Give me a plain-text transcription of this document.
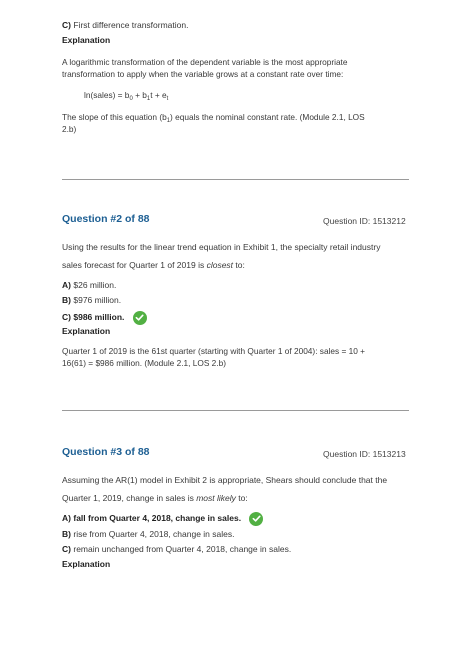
C) First difference transformation.
Explanation
A logarithmic transformation of the dependent variable is the most appropriate
transformation to apply when the variable grows at a constant rate over time:
ln(sales) = $b_0 + b_1t + e_t$
The slope of this equation $(b_1)$ equals the nominal constant rate. (Module 2.1, LOS
2.b)
Question #2 of 88	Question ID: 1513212
Using the results for the linear trend equation in Exhibit 1, the specialty retail industry
sales forecast for Quarter 1 of 2019 is closest to:
A) $26 million.
B) $976 million.
C) $986 million.
Explanation
Quarter 1 of 2019 is the 61st quarter (starting with Quarter 1 of 2004): sales = 10 +
16(61) = $986 million. (Module 2.1, LOS 2.b)
Question #3 of 88	Question ID: 1513213
Assuming the AR(1) model in Exhibit 2 is appropriate, Shears should conclude that the
Quarter 1, 2019, change in sales is most likely to:
A) fall from Quarter 4, 2018, change in sales.
B) rise from Quarter 4, 2018, change in sales.
C) remain unchanged from Quarter 4, 2018, change in sales.
Explanation
